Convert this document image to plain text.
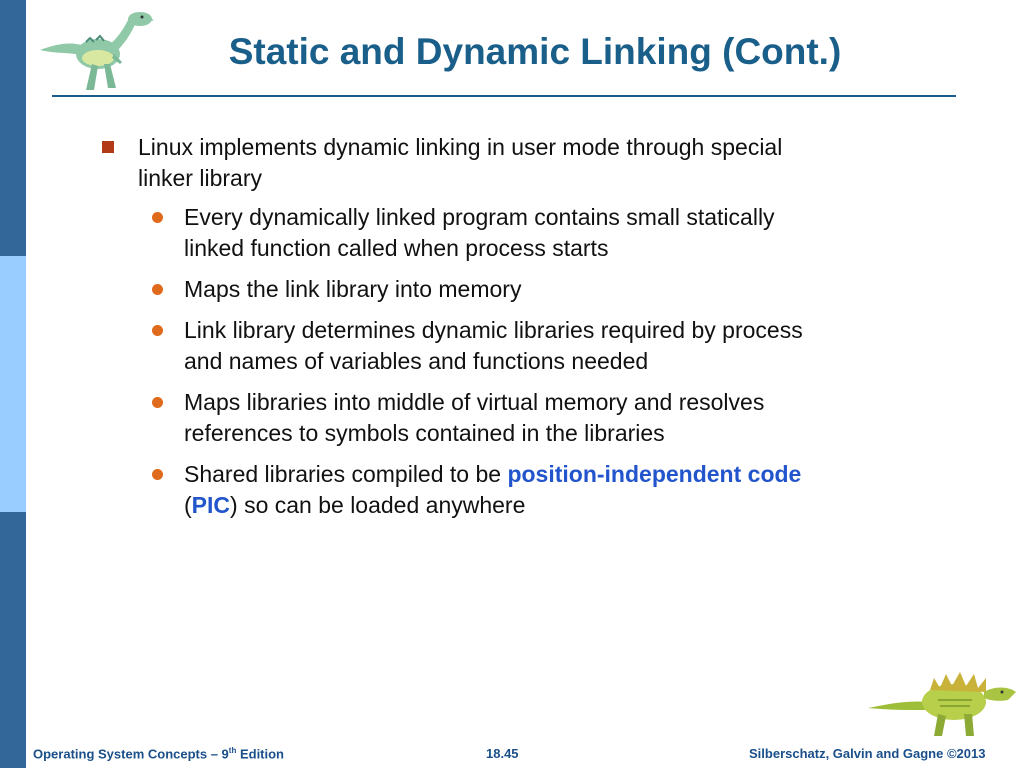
Static and Dynamic Linking (Cont.)
Linux implements dynamic linking in user mode through special
linker library
Every dynamically linked program contains small statically
linked function called when process starts
Maps the link library into memory
Link library determines dynamic libraries required by process
and names of variables and functions needed
Maps libraries into middle of virtual memory and resolves
references to symbols contained in the libraries
Shared libraries compiled to be position-independent code
(PIC) so can be loaded anywhere
Operating System Concepts – 9th Edition	18.45	Silberschatz, Galvin and Gagne ©2013
